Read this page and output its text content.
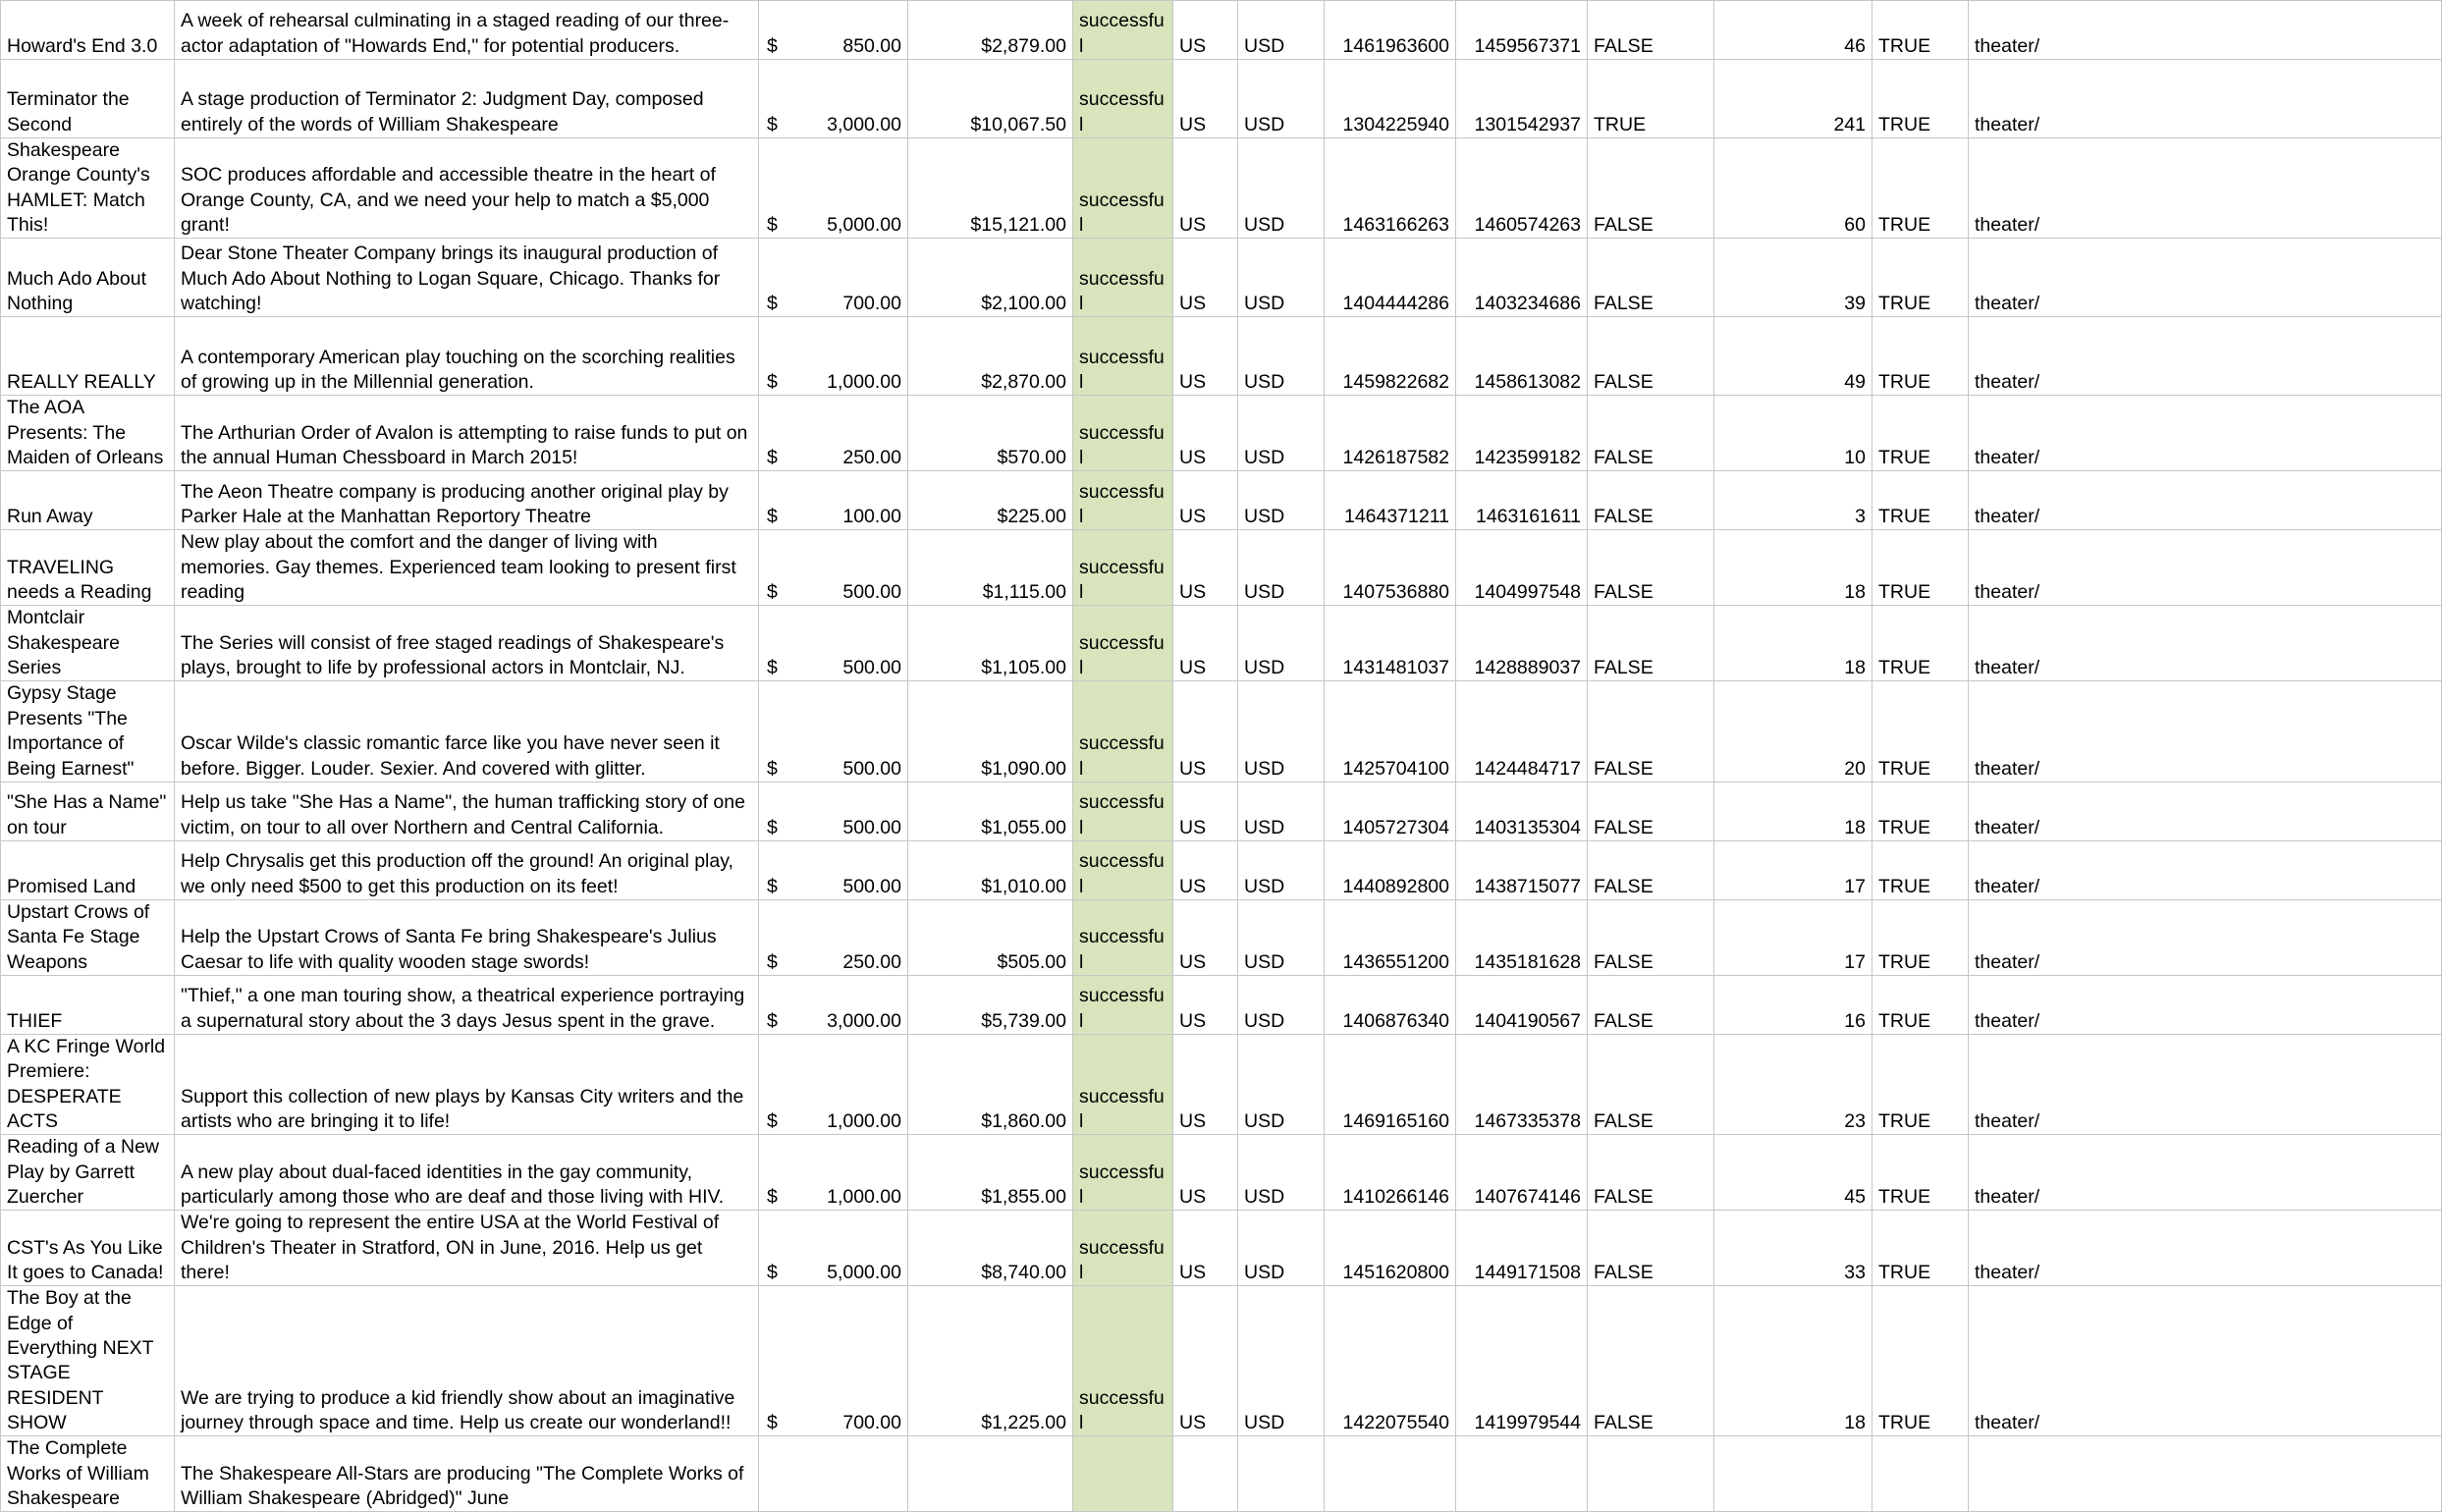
Howard's End 3.0	A week of rehearsal culminating in a staged reading of our three-actor adaptation of "Howards End," for potential producers.	$ 850.00	$2,879.00	successful	US	USD	1461963600	1459567371	FALSE	46	TRUE	theater/
Terminator the Second	A stage production of Terminator 2: Judgment Day, composed entirely of the words of William Shakespeare	$ 3,000.00	$10,067.50	successful	US	USD	1304225940	1301542937	TRUE	241	TRUE	theater/
Shakespeare Orange County's HAMLET: Match This!	SOC produces affordable and accessible theatre in the heart of Orange County, CA, and we need your help to match a $5,000 grant!	$ 5,000.00	$15,121.00	successful	US	USD	1463166263	1460574263	FALSE	60	TRUE	theater/
Much Ado About Nothing	Dear Stone Theater Company brings its inaugural production of Much Ado About Nothing to Logan Square, Chicago. Thanks for watching!	$ 700.00	$2,100.00	successful	US	USD	1404444286	1403234686	FALSE	39	TRUE	theater/
REALLY REALLY	A contemporary American play touching on the scorching realities of growing up in the Millennial generation.	$ 1,000.00	$2,870.00	successful	US	USD	1459822682	1458613082	FALSE	49	TRUE	theater/
The AOA Presents: The Maiden of Orleans	The Arthurian Order of Avalon is attempting to raise funds to put on the annual Human Chessboard in March 2015!	$ 250.00	$570.00	successful	US	USD	1426187582	1423599182	FALSE	10	TRUE	theater/
Run Away	The Aeon Theatre company is producing another original play by Parker Hale at the Manhattan Reportory Theatre	$ 100.00	$225.00	successful	US	USD	1464371211	1463161611	FALSE	3	TRUE	theater/
TRAVELING needs a Reading	New play about the comfort and the danger of living with memories. Gay themes. Experienced team looking to present first reading	$ 500.00	$1,115.00	successful	US	USD	1407536880	1404997548	FALSE	18	TRUE	theater/
Montclair Shakespeare Series	The Series will consist of free staged readings of Shakespeare's plays, brought to life by professional actors in Montclair, NJ.	$ 500.00	$1,105.00	successful	US	USD	1431481037	1428889037	FALSE	18	TRUE	theater/
Gypsy Stage Presents "The Importance of Being Earnest"	Oscar Wilde's classic romantic farce like you have never seen it before. Bigger. Louder. Sexier. And covered with glitter.	$ 500.00	$1,090.00	successful	US	USD	1425704100	1424484717	FALSE	20	TRUE	theater/
"She Has a Name" on tour	Help us take "She Has a Name", the human trafficking story of one victim, on tour to all over Northern and Central California.	$ 500.00	$1,055.00	successful	US	USD	1405727304	1403135304	FALSE	18	TRUE	theater/
Promised Land	Help Chrysalis get this production off the ground! An original play, we only need $500 to get this production on its feet!	$ 500.00	$1,010.00	successful	US	USD	1440892800	1438715077	FALSE	17	TRUE	theater/
Upstart Crows of Santa Fe Stage Weapons	Help the Upstart Crows of Santa Fe bring Shakespeare's Julius Caesar to life with quality wooden stage swords!	$ 250.00	$505.00	successful	US	USD	1436551200	1435181628	FALSE	17	TRUE	theater/
THIEF	"Thief," a one man touring show, a theatrical experience portraying a supernatural story about the 3 days Jesus spent in the grave.	$ 3,000.00	$5,739.00	successful	US	USD	1406876340	1404190567	FALSE	16	TRUE	theater/
A KC Fringe World Premiere: DESPERATE ACTS	Support this collection of new plays by Kansas City writers and the artists who are bringing it to life!	$ 1,000.00	$1,860.00	successful	US	USD	1469165160	1467335378	FALSE	23	TRUE	theater/
Reading of a New Play by Garrett Zuercher	A new play about dual-faced identities in the gay community, particularly among those who are deaf and those living with HIV.	$ 1,000.00	$1,855.00	successful	US	USD	1410266146	1407674146	FALSE	45	TRUE	theater/
CST's As You Like It goes to Canada!	We're going to represent the entire USA at the World Festival of Children's Theater in Stratford, ON in June, 2016. Help us get there!	$ 5,000.00	$8,740.00	successful	US	USD	1451620800	1449171508	FALSE	33	TRUE	theater/
The Boy at the Edge of Everything NEXT STAGE RESIDENT SHOW	We are trying to produce a kid friendly show about an imaginative journey through space and time. Help us create our wonderland!!	$ 700.00	$1,225.00	successful	US	USD	1422075540	1419979544	FALSE	18	TRUE	theater/
The Complete Works of William Shakespeare	The Shakespeare All-Stars are producing "The Complete Works of William Shakespeare (Abridged)" June	
